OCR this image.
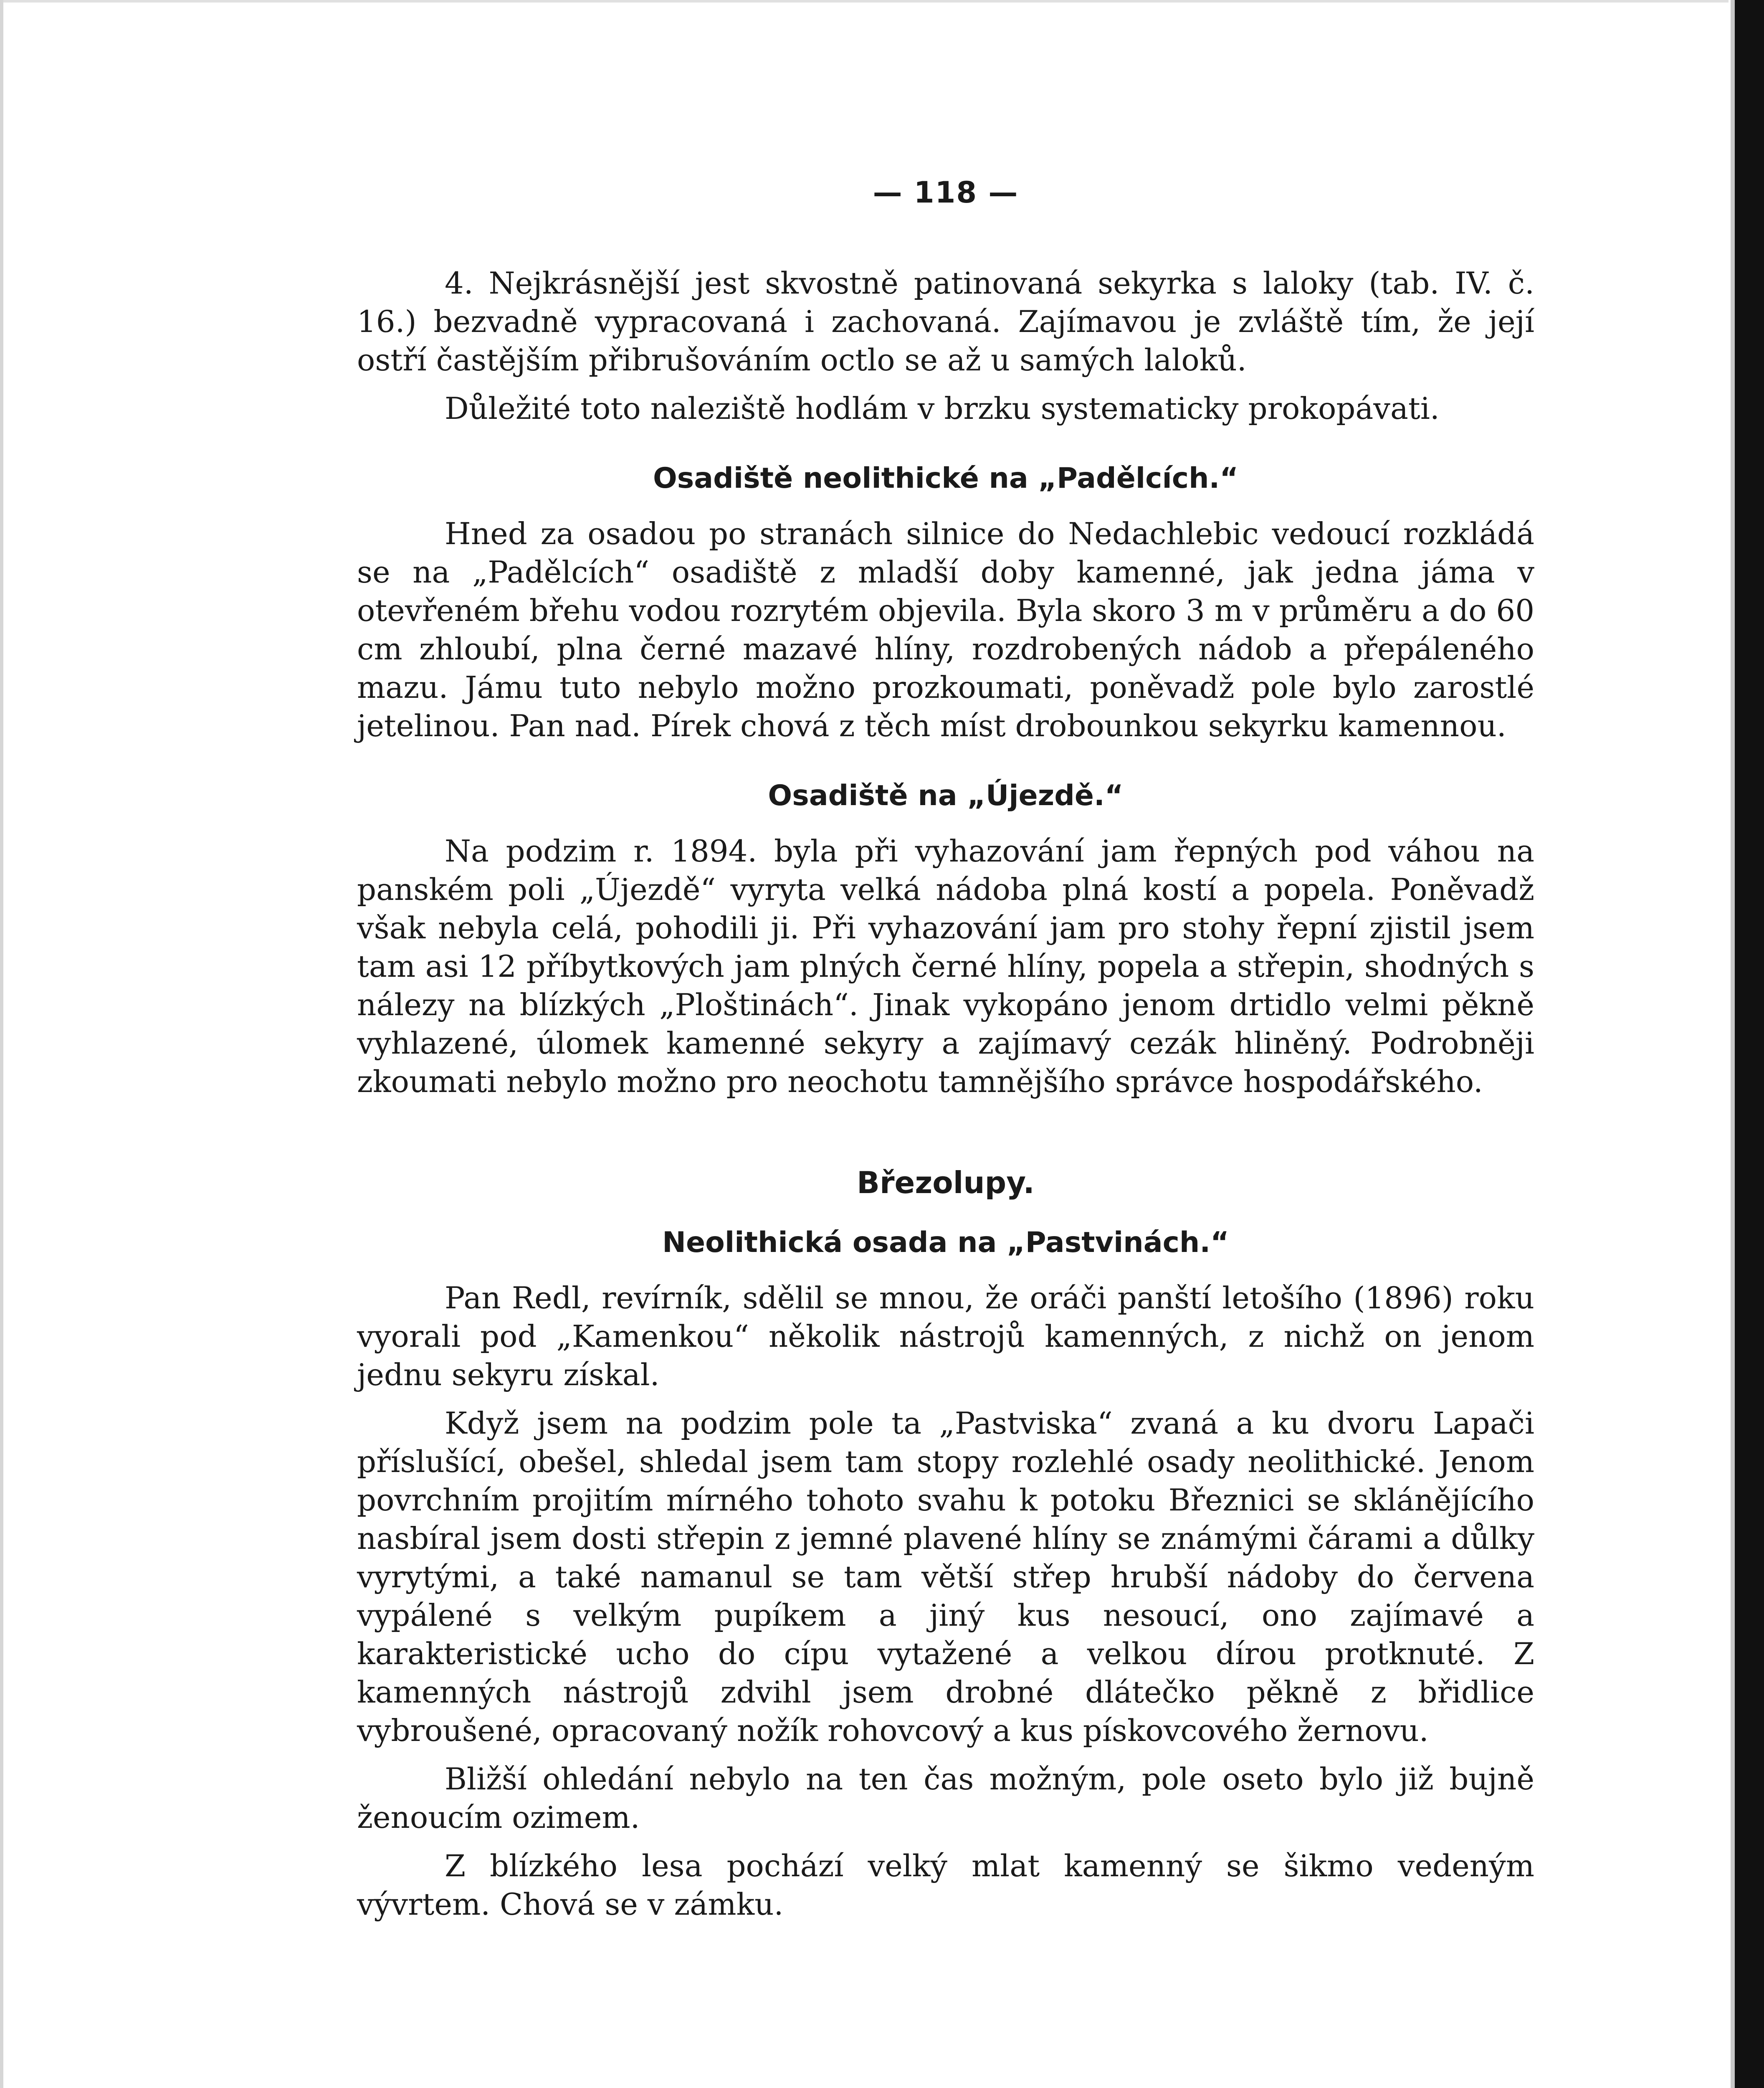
— 118 —

4. Nejkrásnější jest skvostně patinovaná sekyrka s laloky (tab. IV. č. 16.) bezvadně vypracovaná i zachovaná. Zajímavou je zvláště tím, že její ostří častějším přibrušováním octlo se až u samých laloků.

Důležité toto naleziště hodlám v brzku systematicky prokopávati.

Osadiště neolithické na „Padělcích.“

Hned za osadou po stranách silnice do Nedachlebic vedoucí rozkládá se na „Padělcích“ osadiště z mladší doby kamenné, jak jedna jáma v otevřeném břehu vodou rozrytém objevila. Byla skoro 3 m v průměru a do 60 cm zhloubí, plna černé mazavé hlíny, rozdrobených nádob a přepáleného mazu. Jámu tuto nebylo možno prozkoumati, poněvadž pole bylo zarostlé jetelinou. Pan nad. Pírek chová z těch míst drobounkou sekyrku kamennou.

Osadiště na „Újezdě.“

Na podzim r. 1894. byla při vyhazování jam řepných pod váhou na panském poli „Újezdě“ vyryta velká nádoba plná kostí a popela. Poněvadž však nebyla celá, pohodili ji. Při vyhazování jam pro stohy řepní zjistil jsem tam asi 12 příbytkových jam plných černé hlíny, popela a střepin, shodných s nálezy na blízkých „Ploštinách“. Jinak vykopáno jenom drtidlo velmi pěkně vyhlazené, úlomek kamenné sekyry a zajímavý cezák hliněný. Podrobněji zkoumati nebylo možno pro neochotu tamnějšího správce hospodářského.

Březolupy.
Neolithická osada na „Pastvinách.“

Pan Redl, revírník, sdělil se mnou, že oráči panští letošího (1896) roku vyorali pod „Kamenkou“ několik nástrojů kamenných, z nichž on jenom jednu sekyru získal.

Když jsem na podzim pole ta „Pastviska“ zvaná a ku dvoru Lapači příslušící, obešel, shledal jsem tam stopy rozlehlé osady neolithické. Jenom povrchním projitím mírného tohoto svahu k potoku Březnici se sklánějícího nasbíral jsem dosti střepin z jemné plavené hlíny se známými čárami a důlky vyrytými, a také namanul se tam větší střep hrubší nádoby do červena vypálené s velkým pupíkem a jiný kus nesoucí, ono zajímavé a karakteristické ucho do cípu vytažené a velkou dírou protknuté. Z kamenných nástrojů zdvihl jsem drobné dlátečko pěkně z břidlice vybroušené, opracovaný nožík rohovcový a kus pískovcového žernovu.

Bližší ohledání nebylo na ten čas možným, pole oseto bylo již bujně ženoucím ozimem.

Z blízkého lesa pochází velký mlat kamenný se šikmo vedeným vývrtem. Chová se v zámku.
